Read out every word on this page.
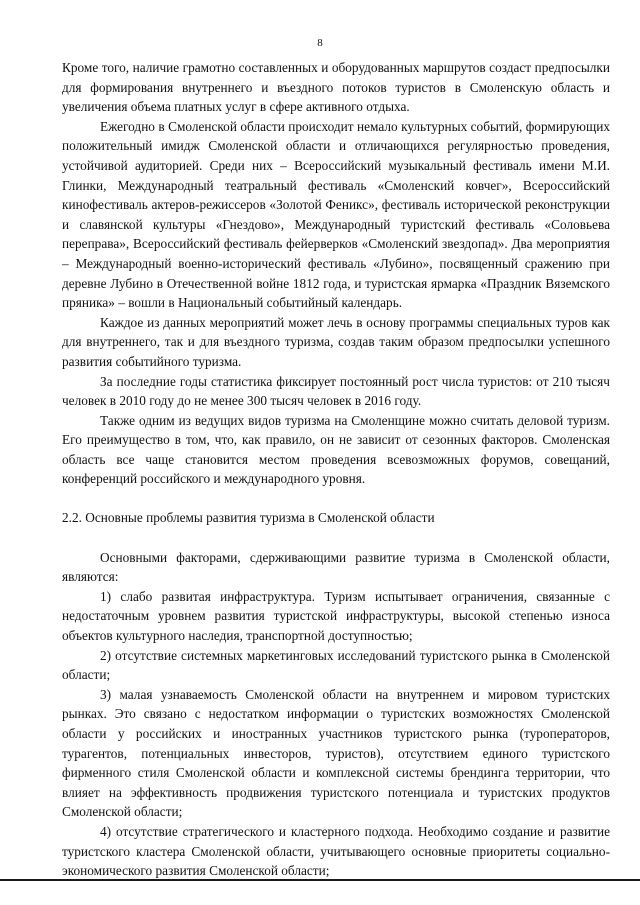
8

Кроме того, наличие грамотно составленных и оборудованных маршрутов создаст предпосылки для формирования внутреннего и въездного потоков туристов в Смоленскую область и увеличения объема платных услуг в сфере активного отдыха.

Ежегодно в Смоленской области происходит немало культурных событий, формирующих положительный имидж Смоленской области и отличающихся регулярностью проведения, устойчивой аудиторией. Среди них – Всероссийский музыкальный фестиваль имени М.И. Глинки, Международный театральный фестиваль «Смоленский ковчег», Всероссийский кинофестиваль актеров-режиссеров «Золотой Феникс», фестиваль исторической реконструкции и славянской культуры «Гнездово», Международный туристский фестиваль «Соловьева переправа», Всероссийский фестиваль фейерверков «Смоленский звездопад». Два мероприятия – Международный военно-исторический фестиваль «Лубино», посвященный сражению при деревне Лубино в Отечественной войне 1812 года, и туристская ярмарка «Праздник Вяземского пряника» – вошли в Национальный событийный календарь.

Каждое из данных мероприятий может лечь в основу программы специальных туров как для внутреннего, так и для въездного туризма, создав таким образом предпосылки успешного развития событийного туризма.

За последние годы статистика фиксирует постоянный рост числа туристов: от 210 тысяч человек в 2010 году до не менее 300 тысяч человек в 2016 году.

Также одним из ведущих видов туризма на Смоленщине можно считать деловой туризм. Его преимущество в том, что, как правило, он не зависит от сезонных факторов. Смоленская область все чаще становится местом проведения всевозможных форумов, совещаний, конференций российского и международного уровня.

2.2. Основные проблемы развития туризма в Смоленской области

Основными факторами, сдерживающими развитие туризма в Смоленской области, являются:

1) слабо развитая инфраструктура. Туризм испытывает ограничения, связанные с недостаточным уровнем развития туристской инфраструктуры, высокой степенью износа объектов культурного наследия, транспортной доступностью;

2) отсутствие системных маркетинговых исследований туристского рынка в Смоленской области;

3) малая узнаваемость Смоленской области на внутреннем и мировом туристских рынках. Это связано с недостатком информации о туристских возможностях Смоленской области у российских и иностранных участников туристского рынка (туроператоров, турагентов, потенциальных инвесторов, туристов), отсутствием единого туристского фирменного стиля Смоленской области и комплексной системы брендинга территории, что влияет на эффективность продвижения туристского потенциала и туристских продуктов Смоленской области;

4) отсутствие стратегического и кластерного подхода. Необходимо создание и развитие туристского кластера Смоленской области, учитывающего основные приоритеты социально-экономического развития Смоленской области;
